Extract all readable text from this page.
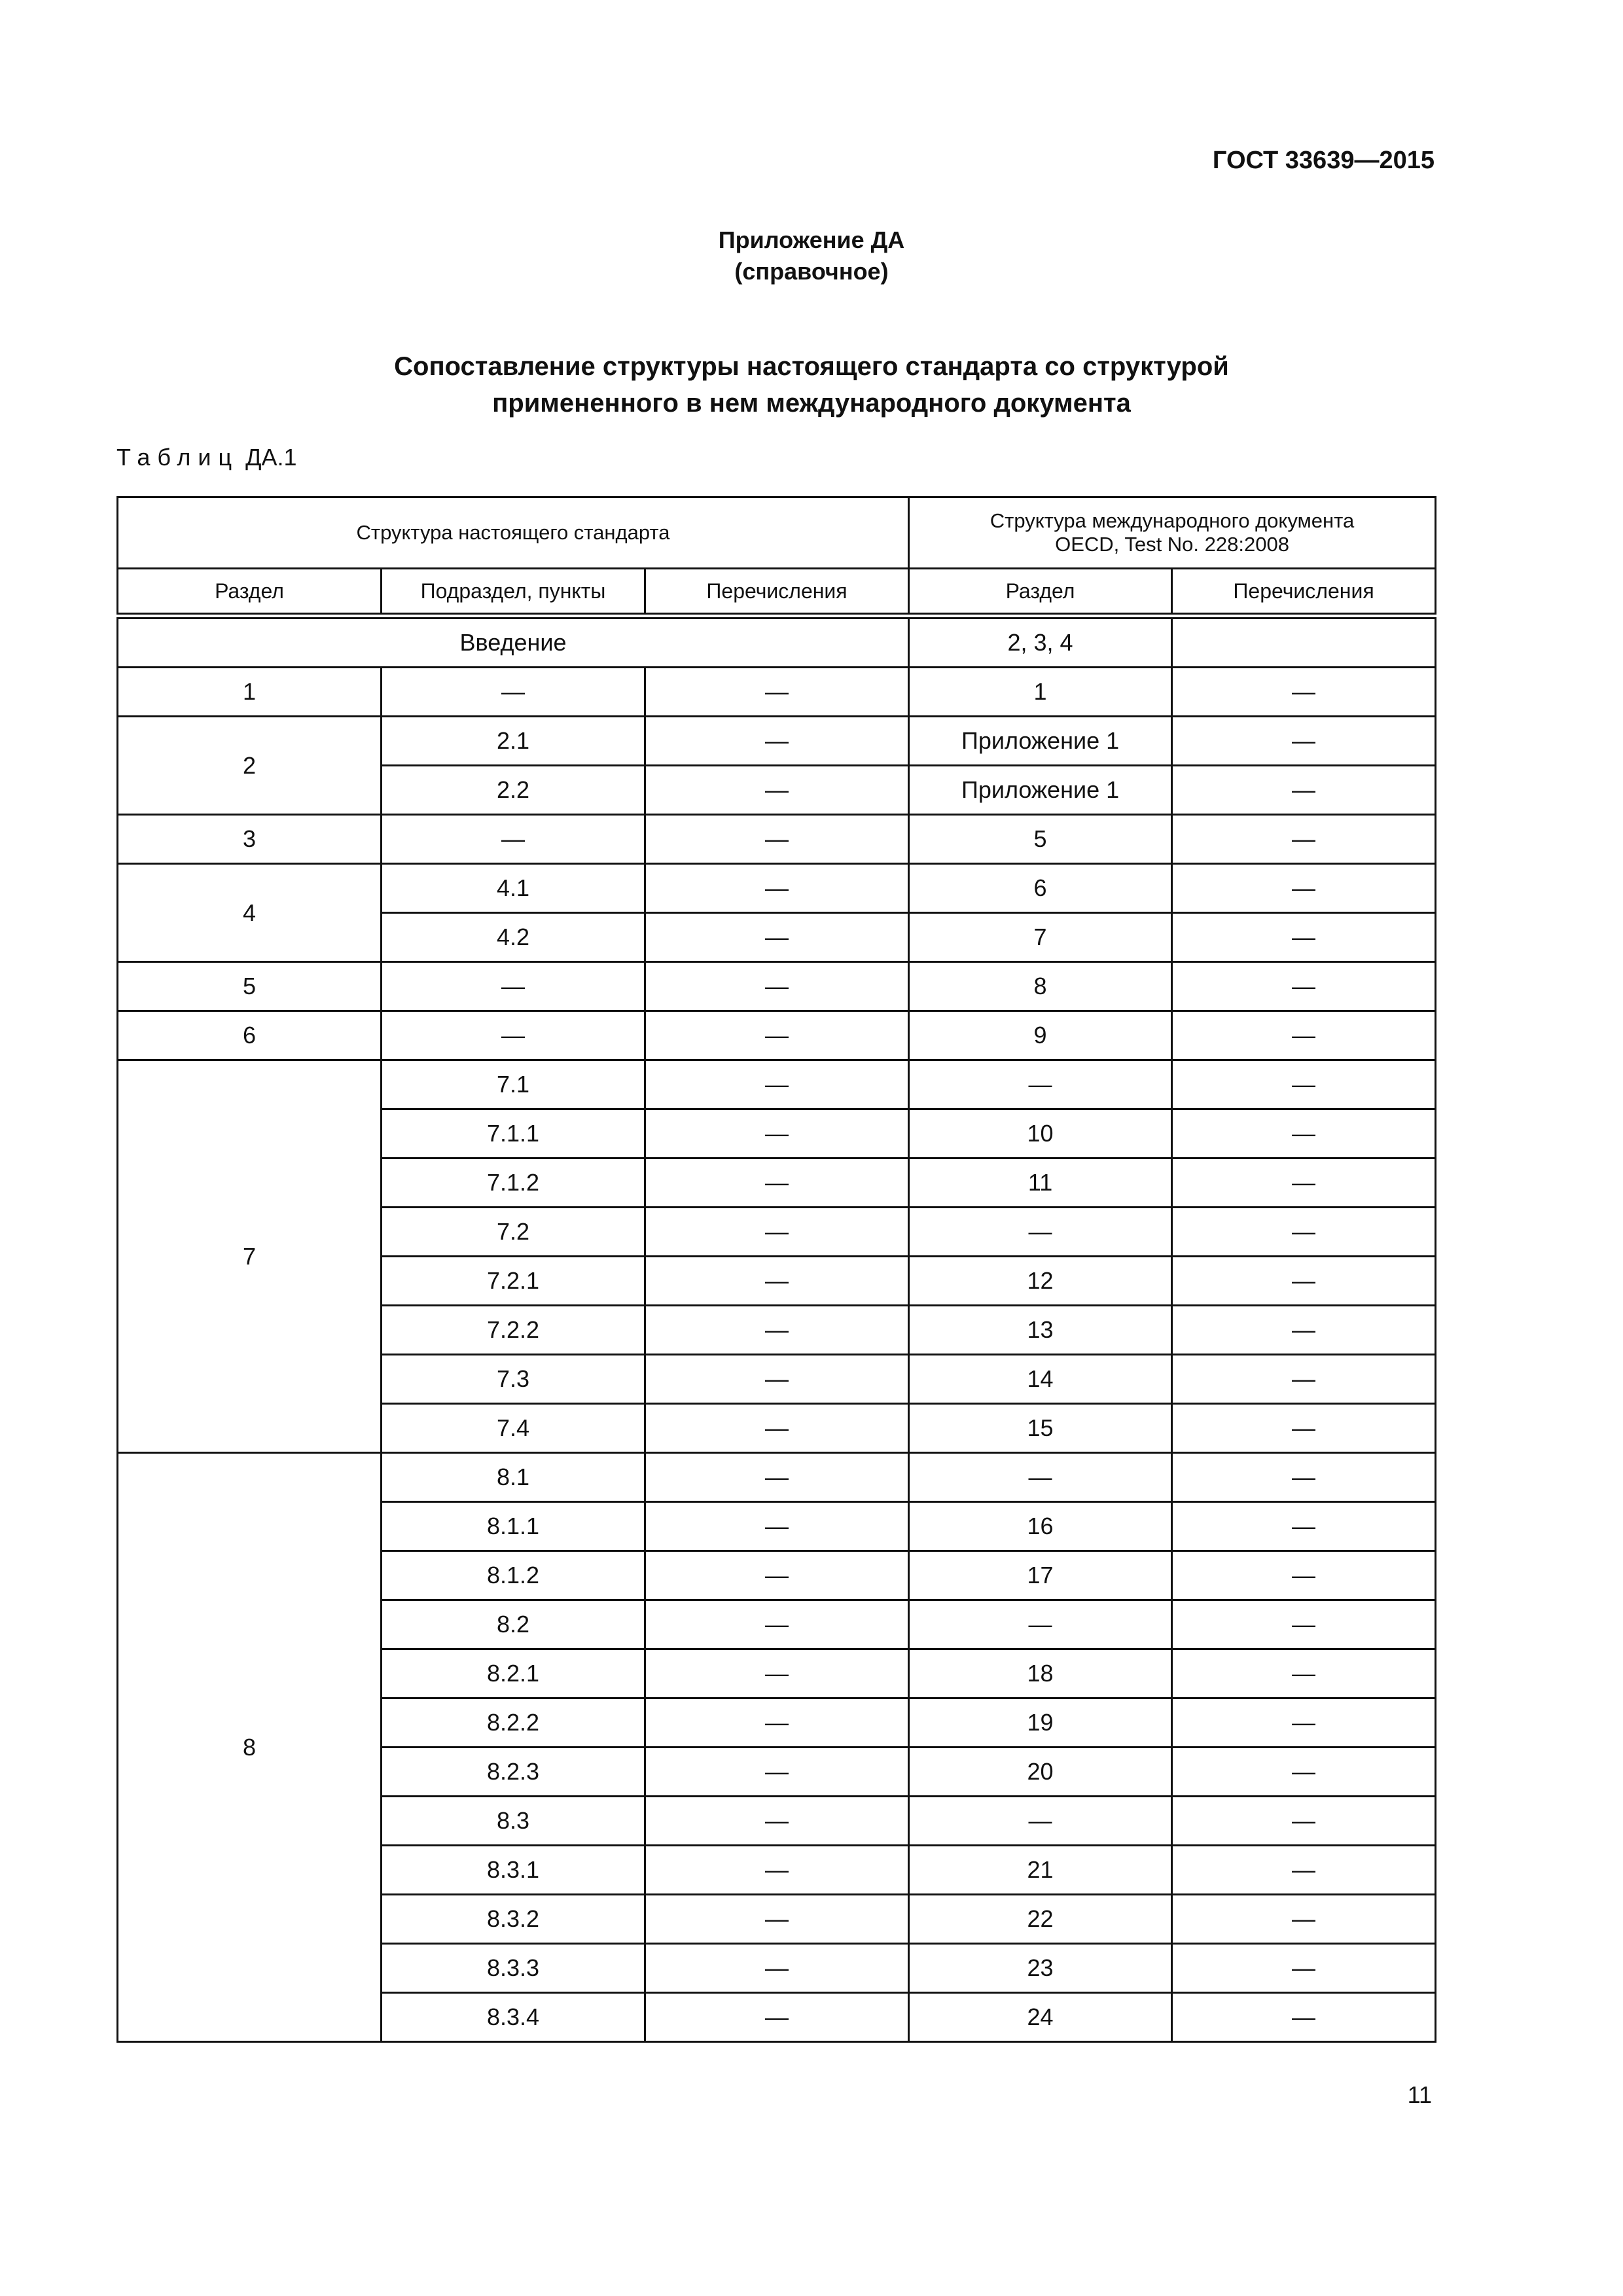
ГОСТ 33639—2015
Приложение ДА
(справочное)
Сопоставление структуры настоящего стандарта со структурой
примененного в нем международного документа
Таблиц ДА.1
Структура настоящего стандарта			Структура международного документа
OECD, Test No. 228:2008	

Раздел	Подраздел, пункты	Перечисления	Раздел	Перечисления
Введение			2, 3, 4	
1	—	—	1	—
2	2.1	—	Приложение 1	—
	2.2	—	Приложение 1	—
3	—	—	5	—
4	4.1	—	6	—
	4.2	—	7	—
5	—	—	8	—
6	—	—	9	—
7	7.1	—	—	—
	7.1.1	—	10	—
	7.1.2	—	11	—
	7.2	—	—	—
	7.2.1	—	12	—
	7.2.2	—	13	—
	7.3	—	14	—
	7.4	—	15	—
8	8.1	—	—	—
	8.1.1	—	16	—
	8.1.2	—	17	—
	8.2	—	—	—
	8.2.1	—	18	—
	8.2.2	—	19	—
	8.2.3	—	20	—
	8.3	—	—	—
	8.3.1	—	21	—
	8.3.2	—	22	—
	8.3.3	—	23	—
	8.3.4	—	24	—
11
